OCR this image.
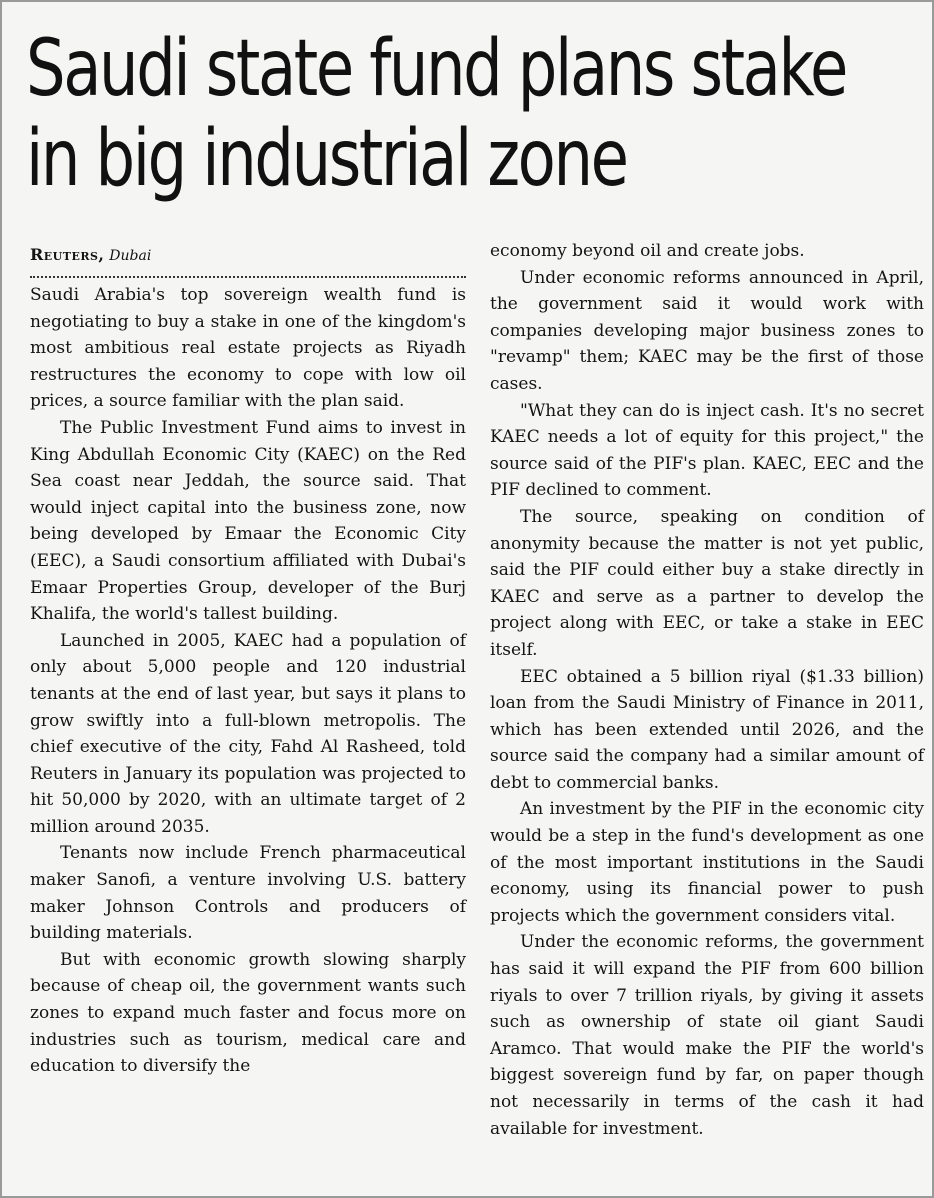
Saudi state fund plans stake in big industrial zone
Reuters, Dubai

Saudi Arabia's top sovereign wealth fund is negotiating to buy a stake in one of the kingdom's most ambitious real estate projects as Riyadh restructures the economy to cope with low oil prices, a source familiar with the plan said.

The Public Investment Fund aims to invest in King Abdullah Economic City (KAEC) on the Red Sea coast near Jeddah, the source said. That would inject capital into the business zone, now being developed by Emaar the Economic City (EEC), a Saudi consortium affiliated with Dubai's Emaar Properties Group, developer of the Burj Khalifa, the world's tallest building.

Launched in 2005, KAEC had a population of only about 5,000 people and 120 industrial tenants at the end of last year, but says it plans to grow swiftly into a full-blown metropolis. The chief executive of the city, Fahd Al Rasheed, told Reuters in January its population was projected to hit 50,000 by 2020, with an ultimate target of 2 million around 2035.

Tenants now include French pharmaceutical maker Sanofi, a venture involving U.S. battery maker Johnson Controls and producers of building materials.

But with economic growth slowing sharply because of cheap oil, the government wants such zones to expand much faster and focus more on industries such as tourism, medical care and education to diversify the

economy beyond oil and create jobs.

Under economic reforms announced in April, the government said it would work with companies developing major business zones to "revamp" them; KAEC may be the first of those cases.

"What they can do is inject cash. It's no secret KAEC needs a lot of equity for this project," the source said of the PIF's plan. KAEC, EEC and the PIF declined to comment.

The source, speaking on condition of anonymity because the matter is not yet public, said the PIF could either buy a stake directly in KAEC and serve as a partner to develop the project along with EEC, or take a stake in EEC itself.

EEC obtained a 5 billion riyal ($1.33 billion) loan from the Saudi Ministry of Finance in 2011, which has been extended until 2026, and the source said the company had a similar amount of debt to commercial banks.

An investment by the PIF in the economic city would be a step in the fund's development as one of the most important institutions in the Saudi economy, using its financial power to push projects which the government considers vital.

Under the economic reforms, the government has said it will expand the PIF from 600 billion riyals to over 7 trillion riyals, by giving it assets such as ownership of state oil giant Saudi Aramco. That would make the PIF the world's biggest sovereign fund by far, on paper though not necessarily in terms of the cash it had available for investment.
